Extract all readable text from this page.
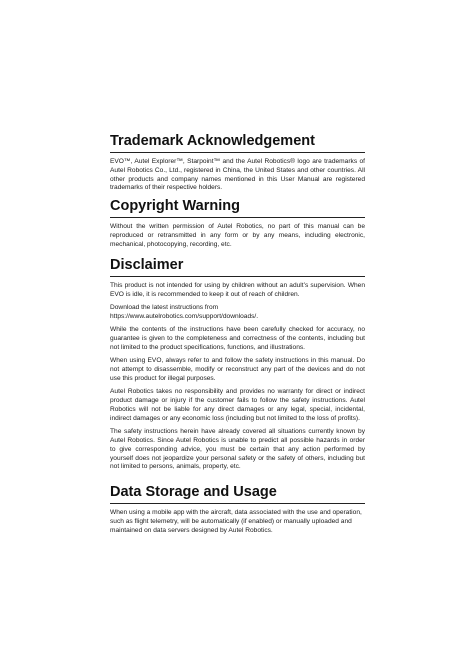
Trademark Acknowledgement

EVO™, Autel Explorer™, Starpoint™ and the Autel Robotics® logo are trademarks of Autel Robotics Co., Ltd., registered in China, the United States and other countries. All other products and company names mentioned in this User Manual are registered trademarks of their respective holders.

Copyright Warning

Without the written permission of Autel Robotics, no part of this manual can be reproduced or retransmitted in any form or by any means, including electronic, mechanical, photocopying, recording, etc.

Disclaimer

This product is not intended for using by children without an adult’s supervision. When EVO is idle, it is recommended to keep it out of reach of children.

Download the latest instructions from https://www.autelrobotics.com/support/downloads/.

While the contents of the instructions have been carefully checked for accuracy, no guarantee is given to the completeness and correctness of the contents, including but not limited to the product specifications, functions, and illustrations.

When using EVO, always refer to and follow the safety instructions in this manual. Do not attempt to disassemble, modify or reconstruct any part of the devices and do not use this product for illegal purposes.

Autel Robotics takes no responsibility and provides no warranty for direct or indirect product damage or injury if the customer fails to follow the safety instructions. Autel Robotics will not be liable for any direct damages or any legal, special, incidental, indirect damages or any economic loss (including but not limited to the loss of profits).

The safety instructions herein have already covered all situations currently known by Autel Robotics. Since Autel Robotics is unable to predict all possible hazards in order to give corresponding advice, you must be certain that any action performed by yourself does not jeopardize your personal safety or the safety of others, including but not limited to persons, animals, property, etc.

Data Storage and Usage

When using a mobile app with the aircraft, data associated with the use and operation, such as flight telemetry, will be automatically (if enabled) or manually uploaded and maintained on data servers designed by Autel Robotics.
